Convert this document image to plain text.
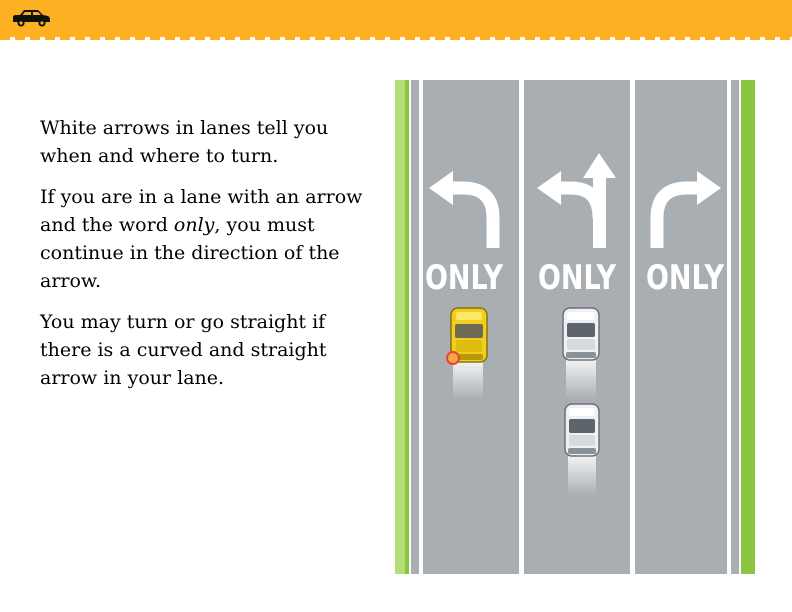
White arrows in lanes tell you when and where to turn.

If you are in a lane with an arrow and the word only, you must continue in the direction of the arrow.

You may turn or go straight if there is a curved and straight arrow in your lane.

ONLY ONLY ONLY
